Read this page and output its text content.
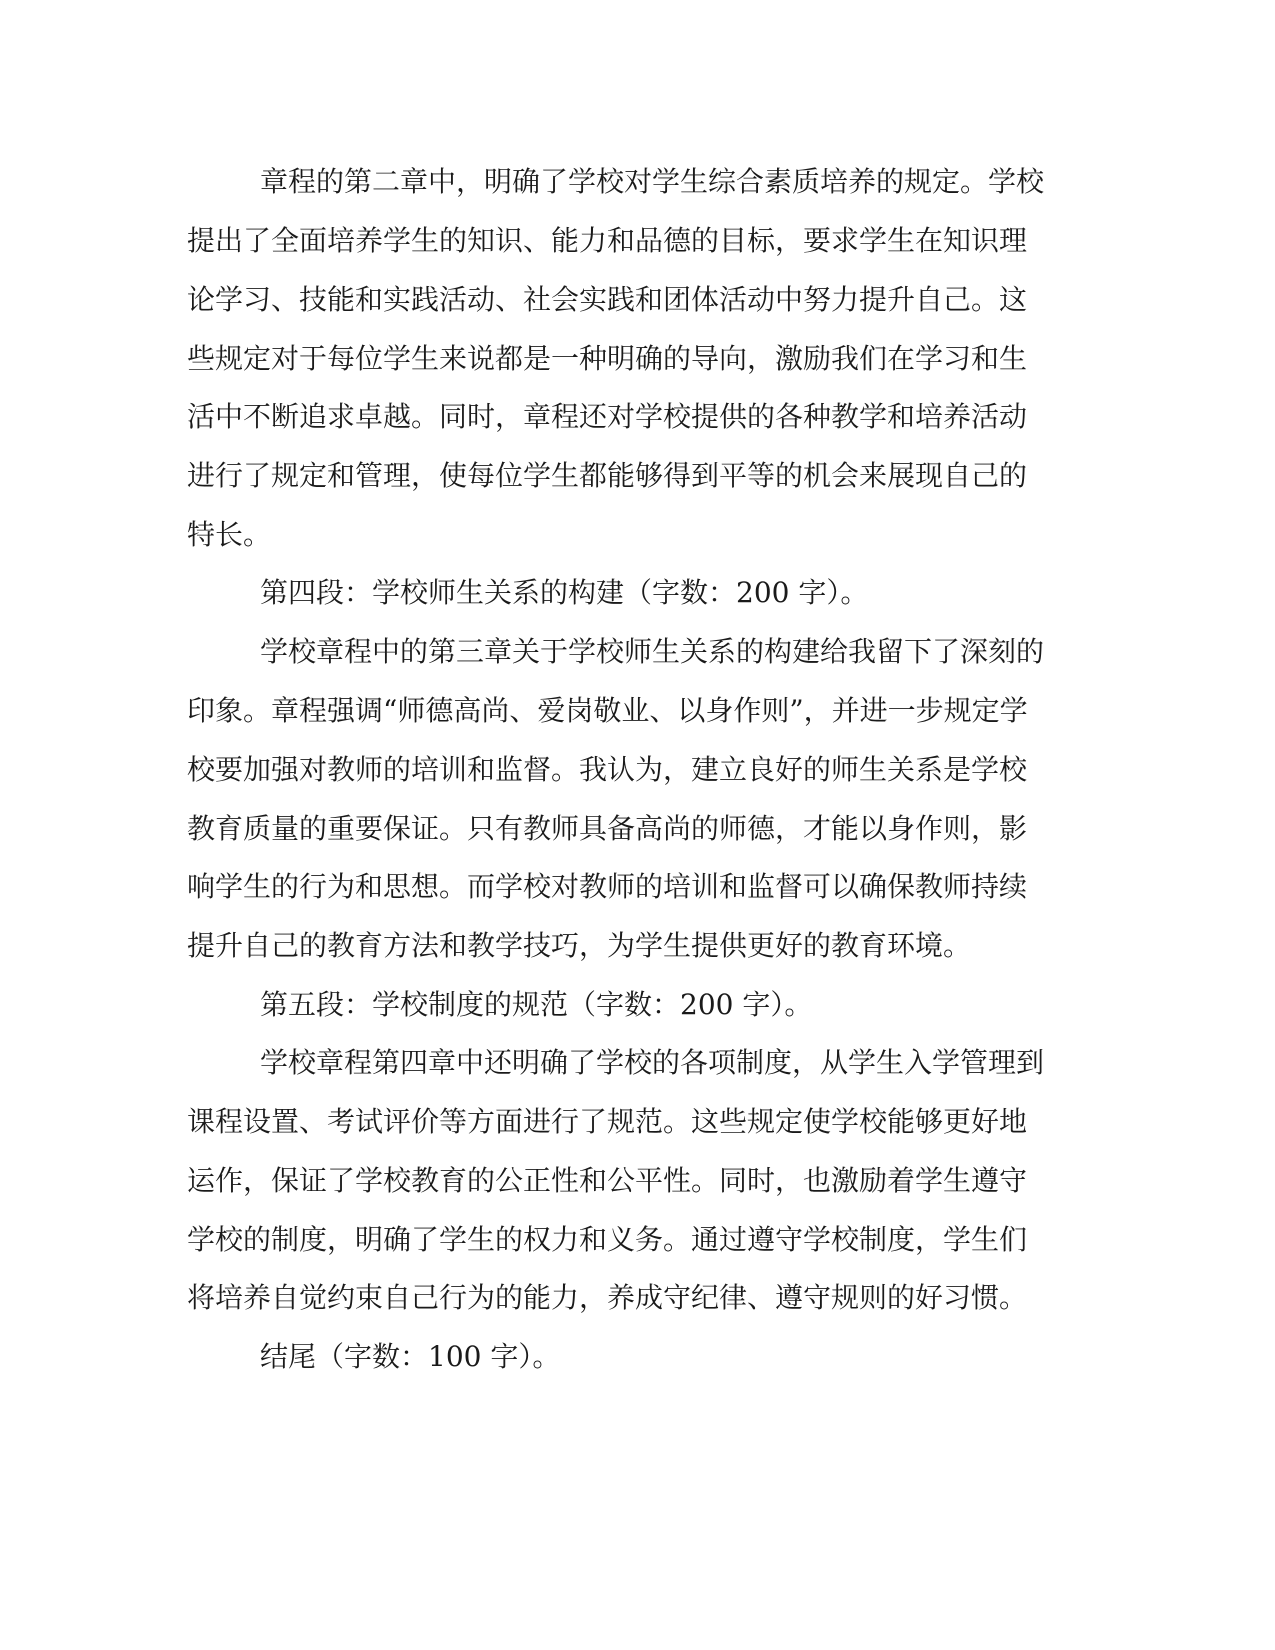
章程的第二章中，明确了学校对学生综合素质培养的规定。学校
提出了全面培养学生的知识、能力和品德的目标，要求学生在知识理
论学习、技能和实践活动、社会实践和团体活动中努力提升自己。这
些规定对于每位学生来说都是一种明确的导向，激励我们在学习和生
活中不断追求卓越。同时，章程还对学校提供的各种教学和培养活动
进行了规定和管理，使每位学生都能够得到平等的机会来展现自己的
特长。
第四段：学校师生关系的构建（字数：200 字）。
学校章程中的第三章关于学校师生关系的构建给我留下了深刻的
印象。章程强调“师德高尚、爱岗敬业、以身作则”，并进一步规定学
校要加强对教师的培训和监督。我认为，建立良好的师生关系是学校
教育质量的重要保证。只有教师具备高尚的师德，才能以身作则，影
响学生的行为和思想。而学校对教师的培训和监督可以确保教师持续
提升自己的教育方法和教学技巧，为学生提供更好的教育环境。
第五段：学校制度的规范（字数：200 字）。
学校章程第四章中还明确了学校的各项制度，从学生入学管理到
课程设置、考试评价等方面进行了规范。这些规定使学校能够更好地
运作，保证了学校教育的公正性和公平性。同时，也激励着学生遵守
学校的制度，明确了学生的权力和义务。通过遵守学校制度，学生们
将培养自觉约束自己行为的能力，养成守纪律、遵守规则的好习惯。
结尾（字数：100 字）。
